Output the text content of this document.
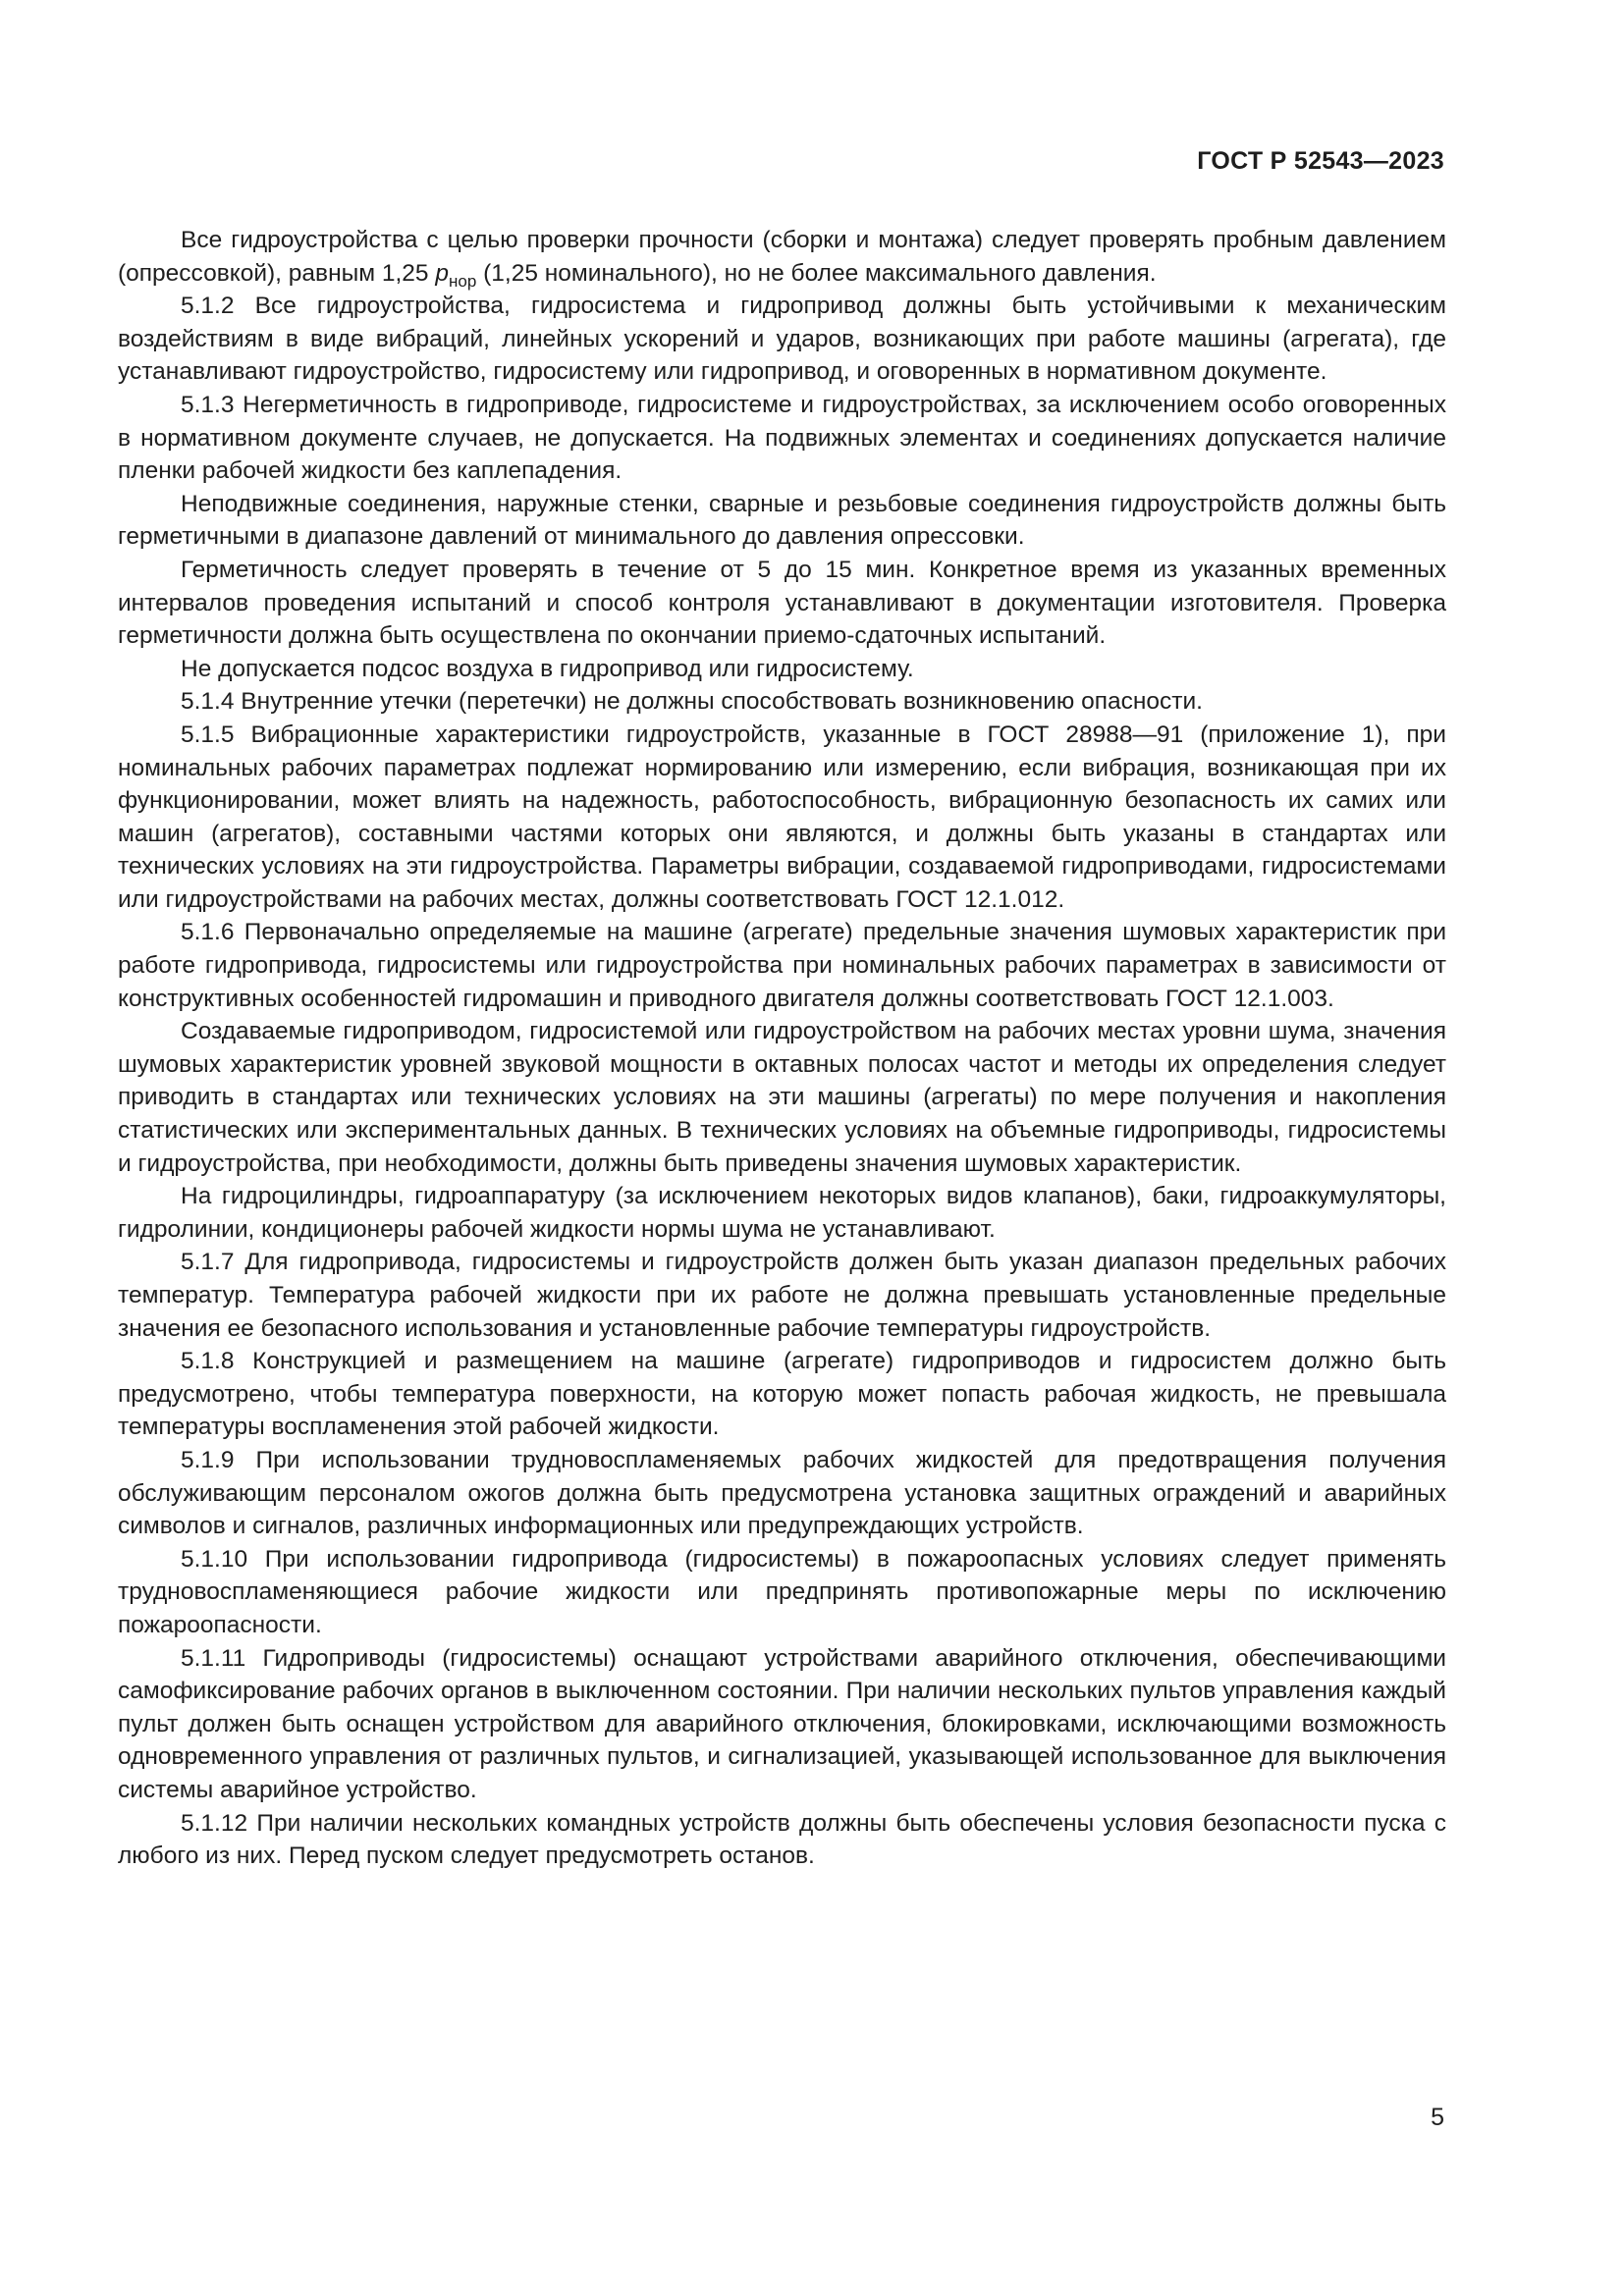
ГОСТ Р 52543—2023

Все гидроустройства с целью проверки прочности (сборки и монтажа) следует проверять пробным давлением (опрессовкой), равным 1,25 $p_{нор}$ (1,25 номинального), но не более максимального давления.

5.1.2 Все гидроустройства, гидросистема и гидропривод должны быть устойчивыми к механическим воздействиям в виде вибраций, линейных ускорений и ударов, возникающих при работе машины (агрегата), где устанавливают гидроустройство, гидросистему или гидропривод, и оговоренных в нормативном документе.

5.1.3 Негерметичность в гидроприводе, гидросистеме и гидроустройствах, за исключением особо оговоренных в нормативном документе случаев, не допускается. На подвижных элементах и соединениях допускается наличие пленки рабочей жидкости без каплепадения.

Неподвижные соединения, наружные стенки, сварные и резьбовые соединения гидроустройств должны быть герметичными в диапазоне давлений от минимального до давления опрессовки.

Герметичность следует проверять в течение от 5 до 15 мин. Конкретное время из указанных временных интервалов проведения испытаний и способ контроля устанавливают в документации изготовителя. Проверка герметичности должна быть осуществлена по окончании приемо-сдаточных испытаний.

Не допускается подсос воздуха в гидропривод или гидросистему.

5.1.4 Внутренние утечки (перетечки) не должны способствовать возникновению опасности.

5.1.5 Вибрационные характеристики гидроустройств, указанные в ГОСТ 28988—91 (приложение 1), при номинальных рабочих параметрах подлежат нормированию или измерению, если вибрация, возникающая при их функционировании, может влиять на надежность, работоспособность, вибрационную безопасность их самих или машин (агрегатов), составными частями которых они являются, и должны быть указаны в стандартах или технических условиях на эти гидроустройства. Параметры вибрации, создаваемой гидроприводами, гидросистемами или гидроустройствами на рабочих местах, должны соответствовать ГОСТ 12.1.012.

5.1.6 Первоначально определяемые на машине (агрегате) предельные значения шумовых характеристик при работе гидропривода, гидросистемы или гидроустройства при номинальных рабочих параметрах в зависимости от конструктивных особенностей гидромашин и приводного двигателя должны соответствовать ГОСТ 12.1.003.

Создаваемые гидроприводом, гидросистемой или гидроустройством на рабочих местах уровни шума, значения шумовых характеристик уровней звуковой мощности в октавных полосах частот и методы их определения следует приводить в стандартах или технических условиях на эти машины (агрегаты) по мере получения и накопления статистических или экспериментальных данных. В технических условиях на объемные гидроприводы, гидросистемы и гидроустройства, при необходимости, должны быть приведены значения шумовых характеристик.

На гидроцилиндры, гидроаппаратуру (за исключением некоторых видов клапанов), баки, гидроаккумуляторы, гидролинии, кондиционеры рабочей жидкости нормы шума не устанавливают.

5.1.7 Для гидропривода, гидросистемы и гидроустройств должен быть указан диапазон предельных рабочих температур. Температура рабочей жидкости при их работе не должна превышать установленные предельные значения ее безопасного использования и установленные рабочие температуры гидроустройств.

5.1.8 Конструкцией и размещением на машине (агрегате) гидроприводов и гидросистем должно быть предусмотрено, чтобы температура поверхности, на которую может попасть рабочая жидкость, не превышала температуры воспламенения этой рабочей жидкости.

5.1.9 При использовании трудновоспламеняемых рабочих жидкостей для предотвращения получения обслуживающим персоналом ожогов должна быть предусмотрена установка защитных ограждений и аварийных символов и сигналов, различных информационных или предупреждающих устройств.

5.1.10 При использовании гидропривода (гидросистемы) в пожароопасных условиях следует применять трудновоспламеняющиеся рабочие жидкости или предпринять противопожарные меры по исключению пожароопасности.

5.1.11 Гидроприводы (гидросистемы) оснащают устройствами аварийного отключения, обеспечивающими самофиксирование рабочих органов в выключенном состоянии. При наличии нескольких пультов управления каждый пульт должен быть оснащен устройством для аварийного отключения, блокировками, исключающими возможность одновременного управления от различных пультов, и сигнализацией, указывающей использованное для выключения системы аварийное устройство.

5.1.12 При наличии нескольких командных устройств должны быть обеспечены условия безопасности пуска с любого из них. Перед пуском следует предусмотреть останов.

5
